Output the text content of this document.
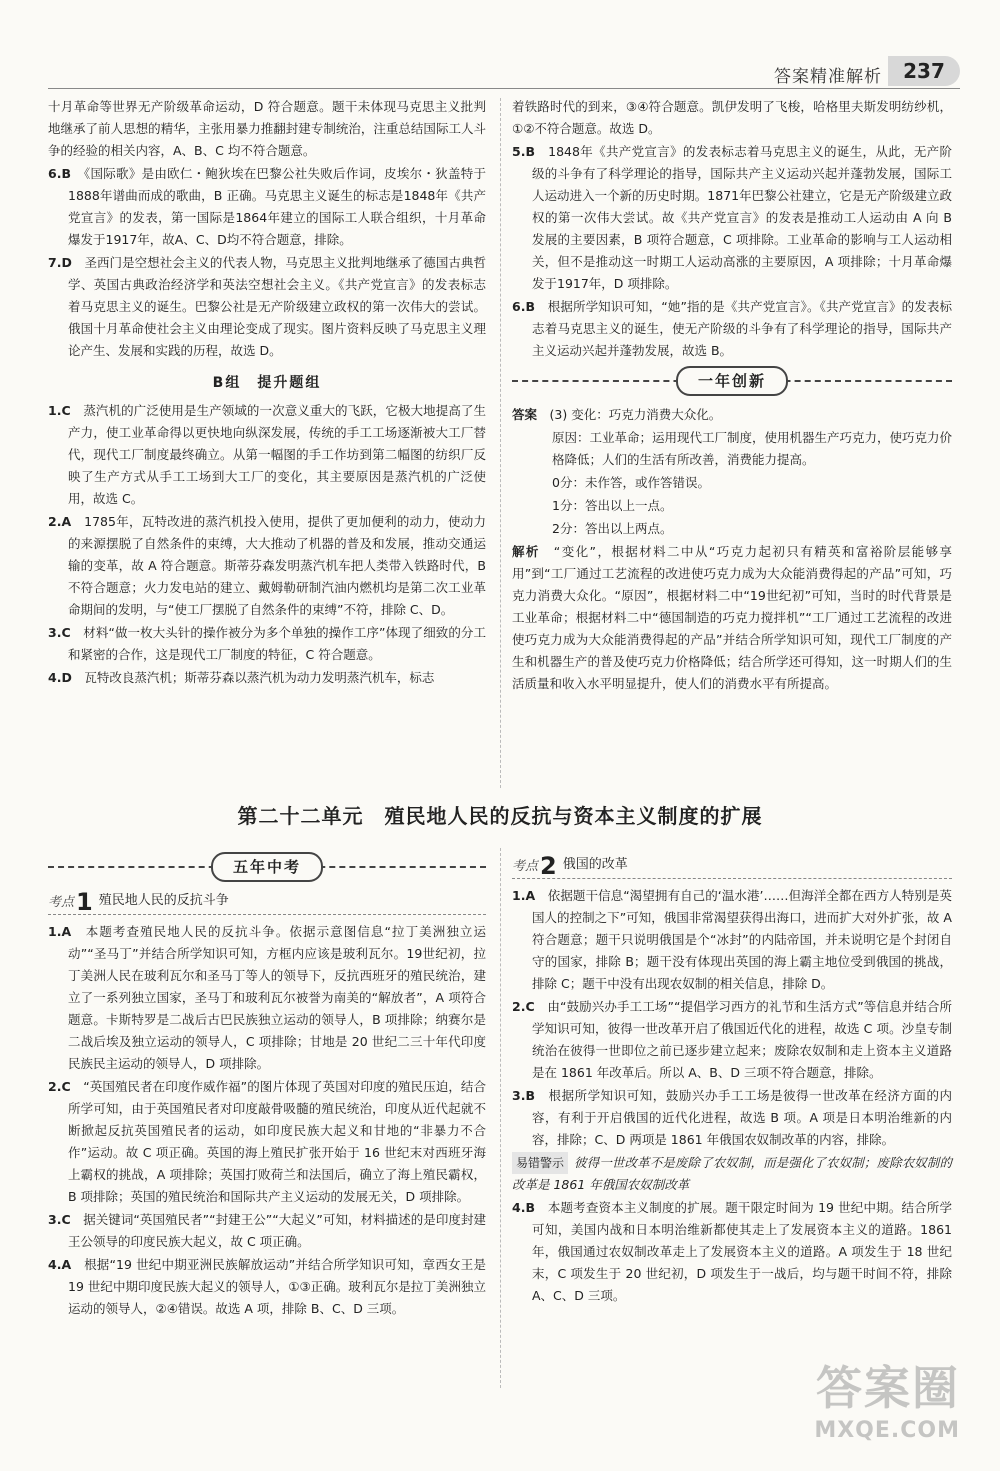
答案精准解析	237

十月革命等世界无产阶级革命运动，D 符合题意。题干未体现马克思主义批判地继承了前人思想的精华，主张用暴力推翻封建专制统治，注重总结国际工人斗争的经验的相关内容，A、B、C 均不符合题意。

6.B　 《国际歌》是由欧仁・鲍狄埃在巴黎公社失败后作词，皮埃尔・狄盖特于1888年谱曲而成的歌曲，B 正确。马克思主义诞生的标志是1848年《共产党宣言》的发表，第一国际是1864年建立的国际工人联合组织，十月革命爆发于1917年，故A、C、D均不符合题意，排除。

7.D　 圣西门是空想社会主义的代表人物，马克思主义批判地继承了德国古典哲学、英国古典政治经济学和英法空想社会主义。《共产党宣言》的发表标志着马克思主义的诞生。巴黎公社是无产阶级建立政权的第一次伟大的尝试。俄国十月革命使社会主义由理论变成了现实。图片资料反映了马克思主义理论产生、发展和实践的历程，故选 D。

B组　提升题组

1.C　 蒸汽机的广泛使用是生产领域的一次意义重大的飞跃，它极大地提高了生产力，使工业革命得以更快地向纵深发展，传统的手工工场逐渐被大工厂替代，现代工厂制度最终确立。从第一幅图的手工作坊到第二幅图的纺织厂反映了生产方式从手工工场到大工厂的变化，其主要原因是蒸汽机的广泛使用，故选 C。

2.A　 1785年，瓦特改进的蒸汽机投入使用，提供了更加便利的动力，使动力的来源摆脱了自然条件的束缚，大大推动了机器的普及和发展，推动交通运输的变革，故 A 符合题意。斯蒂芬森发明蒸汽机车把人类带入铁路时代，B 不符合题意；火力发电站的建立、戴姆勒研制汽油内燃机均是第二次工业革命期间的发明，与“使工厂摆脱了自然条件的束缚”不符，排除 C、D。

3.C　 材料“做一枚大头针的操作被分为多个单独的操作工序”体现了细致的分工和紧密的合作，这是现代工厂制度的特征，C 符合题意。

4.D　 瓦特改良蒸汽机；斯蒂芬森以蒸汽机为动力发明蒸汽机车，标志

着铁路时代的到来，③④符合题意。凯伊发明了飞梭，哈格里夫斯发明纺纱机，①②不符合题意。故选 D。

5.B　 1848年《共产党宣言》的发表标志着马克思主义的诞生，从此，无产阶级的斗争有了科学理论的指导，国际共产主义运动兴起并蓬勃发展，国际工人运动进入一个新的历史时期。1871年巴黎公社建立，它是无产阶级建立政权的第一次伟大尝试。故《共产党宣言》的发表是推动工人运动由 A 向 B 发展的主要因素，B 项符合题意，C 项排除。工业革命的影响与工人运动相关，但不是推动这一时期工人运动高涨的主要原因，A 项排除；十月革命爆发于1917年，D 项排除。

6.B　 根据所学知识可知，“她”指的是《共产党宣言》。《共产党宣言》的发表标志着马克思主义的诞生，使无产阶级的斗争有了科学理论的指导，国际共产主义运动兴起并蓬勃发展，故选 B。

一年创新

答案　 (3) 变化：巧克力消费大众化。

原因：工业革命；运用现代工厂制度，使用机器生产巧克力，使巧克力价格降低；人们的生活有所改善，消费能力提高。

0分：未作答，或作答错误。

1分：答出以上一点。

2分：答出以上两点。

解析　 “变化”，根据材料二中从“巧克力起初只有精英和富裕阶层能够享用”到“工厂通过工艺流程的改进使巧克力成为大众能消费得起的产品”可知，巧克力消费大众化。“原因”，根据材料二中“19世纪初”可知，当时的时代背景是工业革命；根据材料二中“德国制造的巧克力搅拌机”“工厂通过工艺流程的改进使巧克力成为大众能消费得起的产品”并结合所学知识可知，现代工厂制度的产生和机器生产的普及使巧克力价格降低；结合所学还可得知，这一时期人们的生活质量和收入水平明显提升，使人们的消费水平有所提高。

第二十二单元　殖民地人民的反抗与资本主义制度的扩展
五年中考
考点 1 殖民地人民的反抗斗争

1.A　 本题考查殖民地人民的反抗斗争。依据示意图信息“拉丁美洲独立运动”“圣马丁”并结合所学知识可知，方框内应该是玻利瓦尔。19世纪初，拉丁美洲人民在玻利瓦尔和圣马丁等人的领导下，反抗西班牙的殖民统治，建立了一系列独立国家，圣马丁和玻利瓦尔被誉为南美的“解放者”，A 项符合题意。卡斯特罗是二战后古巴民族独立运动的领导人，B 项排除；纳赛尔是二战后埃及独立运动的领导人，C 项排除；甘地是 20 世纪二三十年代印度民族民主运动的领导人，D 项排除。

2.C　 “英国殖民者在印度作威作福”的图片体现了英国对印度的殖民压迫，结合所学可知，由于英国殖民者对印度敲骨吸髓的殖民统治，印度从近代起就不断掀起反抗英国殖民者的运动，如印度民族大起义和甘地的“非暴力不合作”运动。故 C 项正确。英国的海上殖民扩张开始于 16 世纪末对西班牙海上霸权的挑战，A 项排除；英国打败荷兰和法国后，确立了海上殖民霸权，B 项排除；英国的殖民统治和国际共产主义运动的发展无关，D 项排除。

3.C　 据关键词“英国殖民者”“封建王公”“大起义”可知，材料描述的是印度封建王公领导的印度民族大起义，故 C 项正确。

4.A　 根据“19 世纪中期亚洲民族解放运动”并结合所学知识可知，章西女王是 19 世纪中期印度民族大起义的领导人，①③正确。玻利瓦尔是拉丁美洲独立运动的领导人，②④错误。故选 A 项，排除 B、C、D 三项。

考点 2 俄国的改革

1.A　 依据题干信息“渴望拥有自己的‘温水港’……但海洋全都在西方人特别是英国人的控制之下”可知，俄国非常渴望获得出海口，进而扩大对外扩张，故 A 符合题意；题干只说明俄国是个“冰封”的内陆帝国，并未说明它是个封闭自守的国家，排除 B；题干没有体现出英国的海上霸主地位受到俄国的挑战，排除 C；题干中没有出现农奴制的相关信息，排除 D。

2.C　 由“鼓励兴办手工工场”“提倡学习西方的礼节和生活方式”等信息并结合所学知识可知，彼得一世改革开启了俄国近代化的进程，故选 C 项。沙皇专制统治在彼得一世即位之前已逐步建立起来；废除农奴制和走上资本主义道路是在 1861 年改革后。所以 A、B、D 三项不符合题意，排除。

3.B　 根据所学知识可知，鼓励兴办手工工场是彼得一世改革在经济方面的内容，有利于开启俄国的近代化进程，故选 B 项。A 项是日本明治维新的内容，排除；C、D 两项是 1861 年俄国农奴制改革的内容，排除。

易错警示 彼得一世改革不是废除了农奴制，而是强化了农奴制；废除农奴制的改革是 1861 年俄国农奴制改革

4.B　 本题考查资本主义制度的扩展。题干限定时间为 19 世纪中期。结合所学可知，美国内战和日本明治维新都使其走上了发展资本主义的道路。1861 年，俄国通过农奴制改革走上了发展资本主义的道路。A 项发生于 18 世纪末，C 项发生于 20 世纪初，D 项发生于一战后，均与题干时间不符，排除 A、C、D 三项。

答案圈
MXQE.COM
